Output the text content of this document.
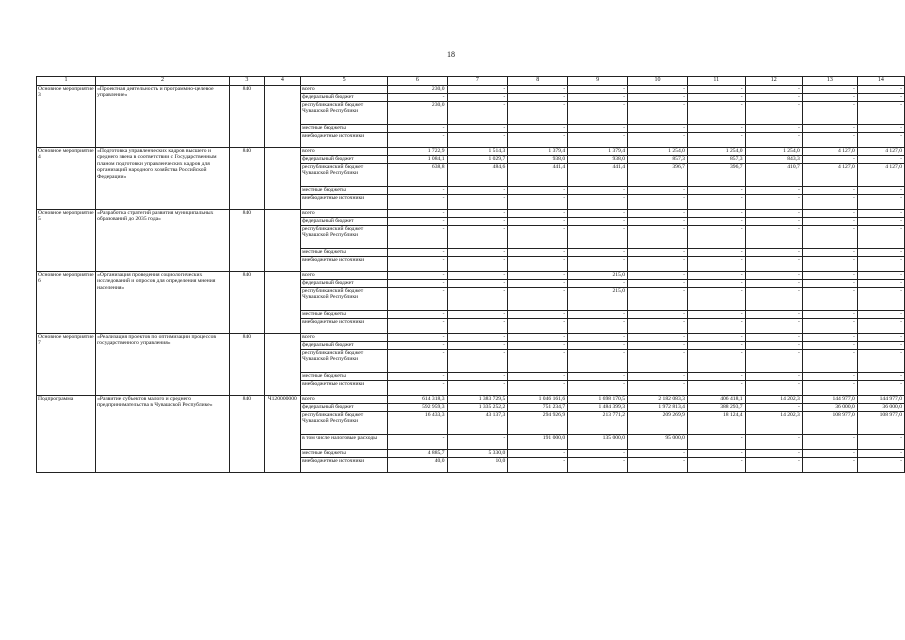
18
1	2	3	4	5	6	7	8	9	10	11	12	13	14
Основное мероприятие 3	«Проектная деятельность и программно-целевое управление»	840		всего	230,0	-	-	-	-	-	-	-	-
				федеральный бюджет	-	-	-	-	-	-	-	-	-
				республиканский бюджет Чувашской Республики	230,0	-	-	-	-	-	-	-	-
				местные бюджеты	-	-	-	-	-	-	-	-	-
				внебюджетные источники	-	-	-	-	-	-	-	-	-
Основное мероприятие 4	«Подготовка управленческих кадров высшего и среднего звена в соответствии с Государственным планом подготовки управленческих кадров для организаций народного хозяйства Российской Федерации»	840		всего	1 722,9	1 514,3	1 379,4	1 379,4	1 254,0	1 254,0	1 254,0	4 127,0	4 127,0
				федеральный бюджет	1 084,1	1 029,7	938,0	938,0	857,3	857,3	843,3	-	-
				республиканский бюджет Чувашской Республики	638,8	484,6	441,4	441,4	396,7	396,7	410,7	4 127,0	4 127,0
				местные бюджеты	-	-	-	-	-	-	-	-	-
				внебюджетные источники	-	-	-	-	-	-	-	-	-
Основное мероприятие 5	«Разработка стратегий развития муниципальных образований до 2035 года»	840		всего	-	-	-	-	-	-	-	-	-
				федеральный бюджет	-	-	-	-	-	-	-	-	-
				республиканский бюджет Чувашской Республики	-	-	-	-	-	-	-	-	-
				местные бюджеты	-	-	-	-	-	-	-	-	-
				внебюджетные источники	-	-	-	-	-	-	-	-	-
Основное мероприятие 6	«Организация проведения социологических исследований и опросов для определения мнения населения»	840		всего	-	-	-	215,0	-	-	-	-	-
				федеральный бюджет	-	-	-	-	-	-	-	-	-
				республиканский бюджет Чувашской Республики	-	-	-	215,0	-	-	-	-	-
				местные бюджеты	-	-	-	-	-	-	-	-	-
				внебюджетные источники	-	-	-	-	-	-	-	-	-
Основное мероприятие 7	«Реализация проектов по оптимизации процессов государственного управления»	840		всего	-	-	-	-	-	-	-	-	-
				федеральный бюджет	-	-	-	-	-	-	-	-	-
				республиканский бюджет Чувашской Республики	-	-	-	-	-	-	-	-	-
				местные бюджеты	-	-	-	-	-	-	-	-	-
				внебюджетные источники	-	-	-	-	-	-	-	-	-
Подпрограмма	«Развитие субъектов малого и среднего предпринимательства в Чувашской Республике»	840	Ч120000000	всего	614 318,3	1 383 729,5	1 046 161,6	1 698 170,5	2 182 083,3	406 418,1	14 202,3	144 977,0	144 977,0
				федеральный бюджет	592 959,3	1 335 252,2	751 234,7	1 484 399,3	1 972 813,4	388 293,7	-	36 000,0	36 000,0
				республиканский бюджет Чувашской Республики	16 433,3	43 137,3	294 926,9	213 771,2	209 269,9	18 124,4	14 202,3	108 977,0	108 977,0
				в том числе налоговые расходы	-	-	191 000,0	135 000,0	95 000,0	-	-	-	-
				местные бюджеты	4 885,7	5 330,0	-	-	-	-	-	-	-
				внебюджетные источники	40,0	10,0	-	-	-	-	-	-	-
